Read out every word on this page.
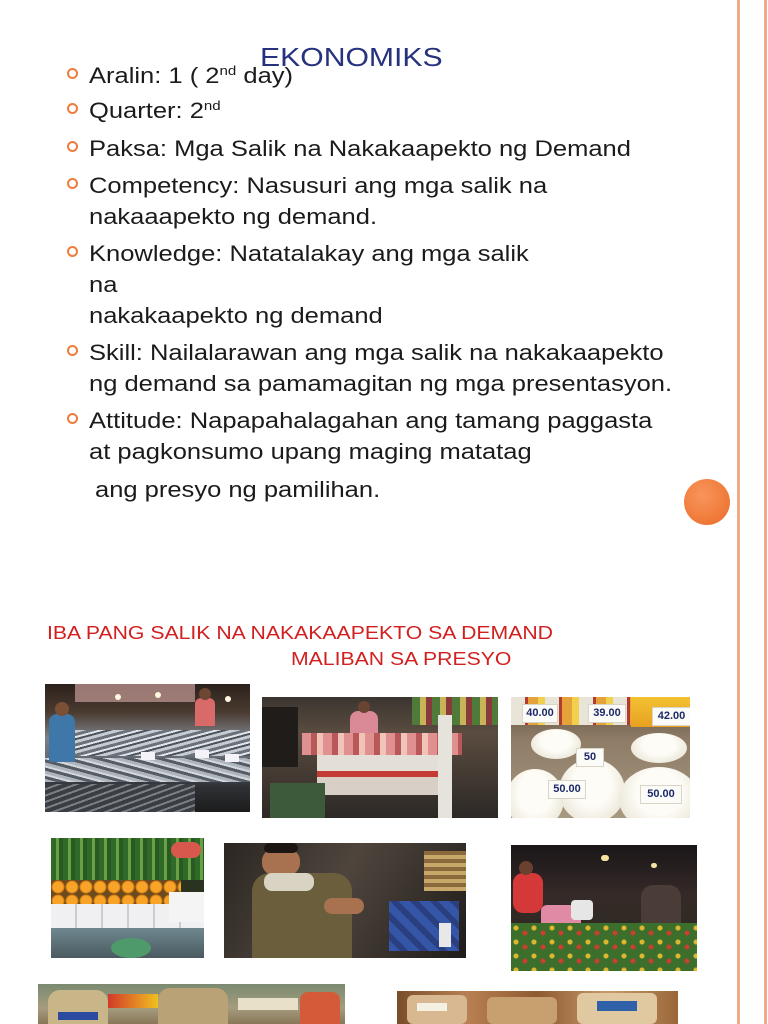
EKONOMIKS
Aralin: 1 ( 2nd day)
Quarter: 2nd
Paksa: Mga Salik na Nakakaapekto ng Demand
Competency: Nasusuri ang mga salik na
nakaaapekto ng demand.
Knowledge: Natatalakay ang mga salik
na
nakakaapekto ng demand
Skill: Nailalarawan ang mga salik na nakakaapekto
ng demand sa pamamagitan ng mga presentasyon.
Attitude: Napapahalagahan ang tamang paggasta
at pagkonsumo upang maging matatag
ang presyo ng pamilihan.
IBA PANG SALIK NA NAKAKAAPEKTO SA DEMAND
MALIBAN SA PRESYO
40.00	39.00	42.00
50
50.00	50.00
